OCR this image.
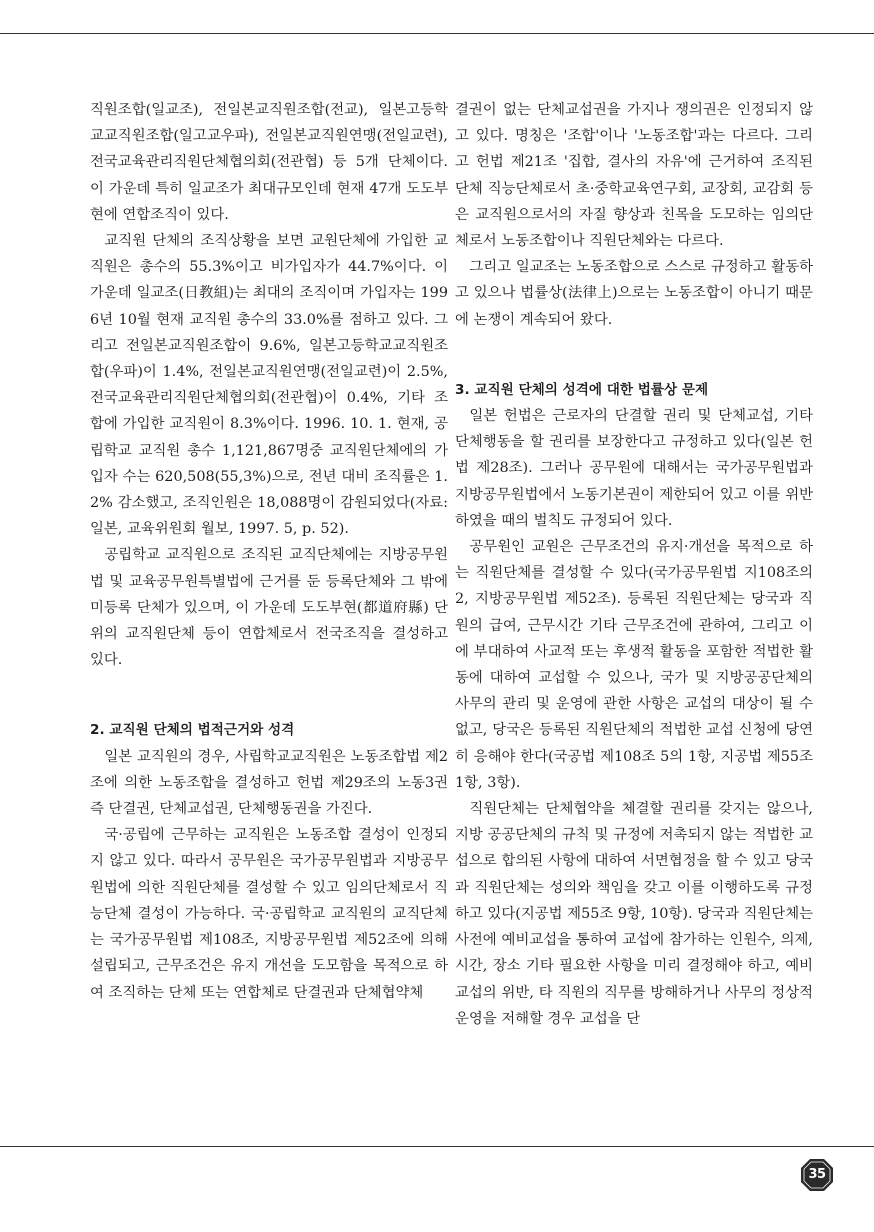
직원조합(일교조), 전일본교직원조합(전교), 일본고등학교교직원조합(일고교우파), 전일본교직원연맹(전일교련), 전국교육관리직원단체협의회(전관협) 등 5개 단체이다. 이 가운데 특히 일교조가 최대규모인데 현재 47개 도도부현에 연합조직이 있다.

교직원 단체의 조직상황을 보면 교원단체에 가입한 교직원은 총수의 55.3%이고 비가입자가 44.7%이다. 이 가운데 일교조(日教組)는 최대의 조직이며 가입자는 1996년 10월 현재 교직원 총수의 33.0%를 점하고 있다. 그리고 전일본교직원조합이 9.6%, 일본고등학교교직원조합(우파)이 1.4%, 전일본교직원연맹(전일교련)이 2.5%, 전국교육관리직원단체협의회(전관협)이 0.4%, 기타 조합에 가입한 교직원이 8.3%이다. 1996. 10. 1. 현재, 공립학교 교직원 총수 1,121,867명중 교직원단체에의 가입자 수는 620,508(55,3%)으로, 전년 대비 조직률은 1.2% 감소했고, 조직인원은 18,088명이 감원되었다(자료: 일본, 교육위원회 월보, 1997. 5, p. 52).

공립학교 교직원으로 조직된 교직단체에는 지방공무원법 및 교육공무원특별법에 근거를 둔 등록단체와 그 밖에 미등록 단체가 있으며, 이 가운데 도도부현(都道府縣) 단위의 교직원단체 등이 연합체로서 전국조직을 결성하고 있다.

2. 교직원 단체의 법적근거와 성격

일본 교직원의 경우, 사립학교교직원은 노동조합법 제2조에 의한 노동조합을 결성하고 헌법 제29조의 노동3권 즉 단결권, 단체교섭권, 단체행동권을 가진다.

국·공립에 근무하는 교직원은 노동조합 결성이 인정되지 않고 있다. 따라서 공무원은 국가공무원법과 지방공무원법에 의한 직원단체를 결성할 수 있고 임의단체로서 직능단체 결성이 가능하다. 국·공립학교 교직원의 교직단체는 국가공무원법 제108조, 지방공무원법 제52조에 의해 설립되고, 근무조건은 유지 개선을 도모함을 목적으로 하여 조직하는 단체 또는 연합체로 단결권과 단체협약체

결권이 없는 단체교섭권을 가지나 쟁의권은 인정되지 않고 있다. 명칭은 '조합'이나 '노동조합'과는 다르다. 그리고 헌법 제21조 '집합, 결사의 자유'에 근거하여 조직된 단체 직능단체로서 초·중학교육연구회, 교장회, 교감회 등은 교직원으로서의 자질 향상과 친목을 도모하는 임의단체로서 노동조합이나 직원단체와는 다르다.

그리고 일교조는 노동조합으로 스스로 규정하고 활동하고 있으나 법률상(法律上)으로는 노동조합이 아니기 때문에 논쟁이 계속되어 왔다.

3. 교직원 단체의 성격에 대한 법률상 문제

일본 헌법은 근로자의 단결할 권리 및 단체교섭, 기타 단체행동을 할 권리를 보장한다고 규정하고 있다(일본 헌법 제28조). 그러나 공무원에 대해서는 국가공무원법과 지방공무원법에서 노동기본권이 제한되어 있고 이를 위반하였을 때의 벌칙도 규정되어 있다.

공무원인 교원은 근무조건의 유지·개선을 목적으로 하는 직원단체를 결성할 수 있다(국가공무원법 지108조의 2, 지방공무원법 제52조). 등록된 직원단체는 당국과 직원의 급여, 근무시간 기타 근무조건에 관하여, 그리고 이에 부대하여 사교적 또는 후생적 활동을 포함한 적법한 활동에 대하여 교섭할 수 있으나, 국가 및 지방공공단체의 사무의 관리 및 운영에 관한 사항은 교섭의 대상이 될 수 없고, 당국은 등록된 직원단체의 적법한 교섭 신청에 당연히 응해야 한다(국공법 제108조 5의 1항, 지공법 제55조 1항, 3항).

직원단체는 단체협약을 체결할 권리를 갖지는 않으나, 지방 공공단체의 규칙 및 규정에 저촉되지 않는 적법한 교섭으로 합의된 사항에 대하여 서면협정을 할 수 있고 당국과 직원단체는 성의와 책임을 갖고 이를 이행하도록 규정하고 있다(지공법 제55조 9항, 10항). 당국과 직원단체는 사전에 예비교섭을 통하여 교섭에 참가하는 인원수, 의제, 시간, 장소 기타 필요한 사항을 미리 결정해야 하고, 예비교섭의 위반, 타 직원의 직무를 방해하거나 사무의 정상적 운영을 저해할 경우 교섭을 단

35
